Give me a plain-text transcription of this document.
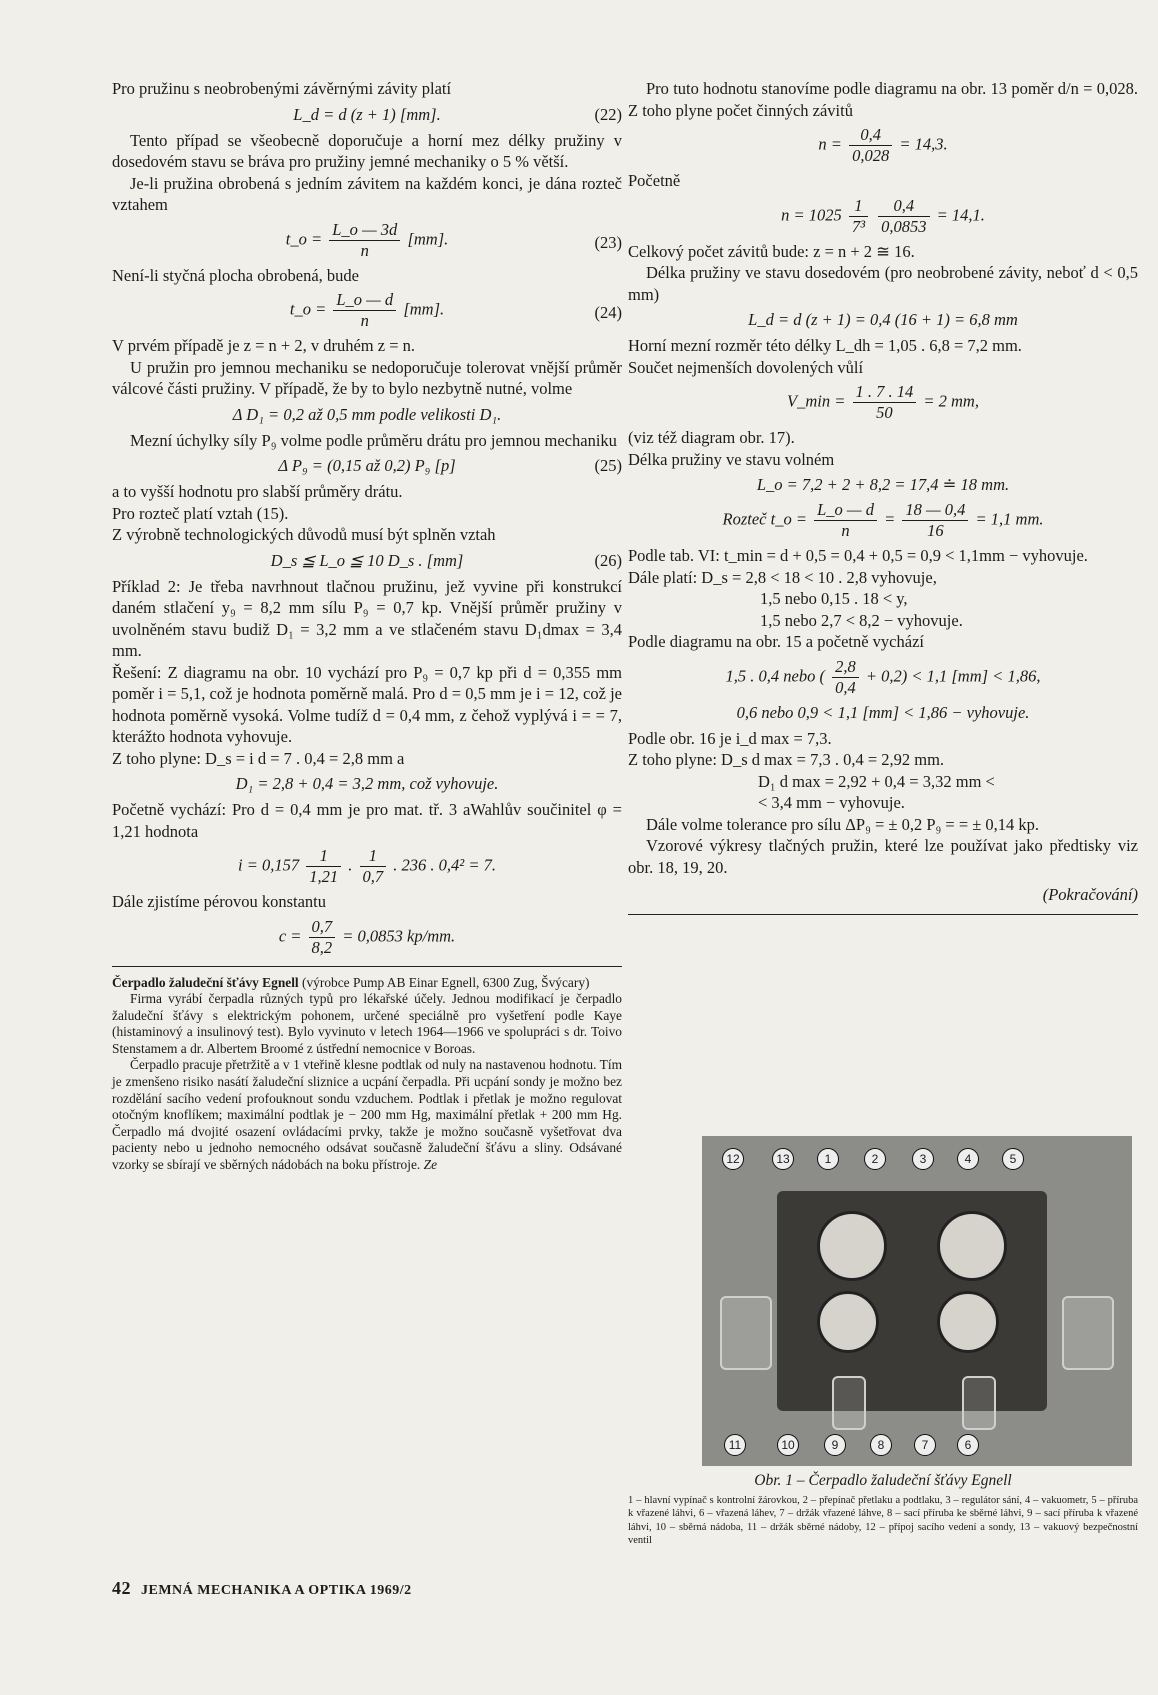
Pro pružinu s neobrobenými závěrnými závity platí

L_d = d (z + 1) [mm].	(22)

Tento případ se všeobecně doporučuje a horní mez délky pružiny v dosedovém stavu se bráva pro pružiny jemné mechaniky o 5 % větší.

Je-li pružina obrobená s jedním závitem na každém konci, je dána rozteč vztahem

t_o = $\frac{L\_o — 3d}{n} [mm]$.	(23)

Není-li styčná plocha obrobená, bude

t_o = $\frac{L\_o — d}{n} [mm]$.	(24)

V prvém případě je z = n + 2, v druhém z = n.

U pružin pro jemnou mechaniku se nedoporučuje tolerovat vnější průměr válcové části pružiny. V případě, že by to bylo nezbytně nutné, volme

Δ D₁ = 0,2 až 0,5 mm podle velikosti D₁.

Mezní úchylky síly P₉ volme podle průměru drátu pro jemnou mechaniku

Δ P₉ = (0,15 až 0,2) P₉ [p]	(25)

a to vyšší hodnotu pro slabší průměry drátu.

Pro rozteč platí vztah (15).

Z výrobně technologických důvodů musí být splněn vztah

D_s ≦ L_o ≦ 10 D_s . [mm]	(26)

Příklad 2: Je třeba navrhnout tlačnou pružinu, jež vyvine při konstrukcí daném stlačení y₉ = 8,2 mm sílu P₉ = 0,7 kp. Vnější průměr pružiny v uvolněném stavu budiž D₁ = 3,2 mm a ve stlačeném stavu D₁dmax = 3,4 mm.

Řešení: Z diagramu na obr. 10 vychází pro P₉ = 0,7 kp při d = 0,355 mm poměr i = 5,1, což je hodnota poměrně malá. Pro d = 0,5 mm je i = 12, což je hodnota poměrně vysoká. Volme tudíž d = 0,4 mm, z čehož vyplývá i = = 7, kterážto hodnota vyhovuje.

Z toho plyne: D_s = i d = 7 . 0,4 = 2,8 mm a

D₁ = 2,8 + 0,4 = 3,2 mm, což vyhovuje.

Početně vychází: Pro d = 0,4 mm je pro mat. tř. 3 aWahlův součinitel φ = 1,21 hodnota

$i = 0,157 \frac{1}{1,21}$ . $\frac{1}{0,7}$ . 236 . 0,4² = 7.

Dále zjistíme pérovou konstantu

$c = \frac{0,7}{8,2} = 0,0853$ kp/mm.

Čerpadlo žaludeční šťávy Egnell (výrobce Pump AB Einar Egnell, 6300 Zug, Švýcary)

Firma vyrábí čerpadla různých typů pro lékařské účely. Jednou modifikací je čerpadlo žaludeční šťávy s elektrickým pohonem, určené speciálně pro vyšetření podle Kaye (histaminový a insulinový test). Bylo vyvinuto v letech 1964—1966 ve spolupráci s dr. Toivo Stenstamem a dr. Albertem Broomé z ústřední nemocnice v Boroas.

Čerpadlo pracuje přetržitě a v 1 vteřině klesne podtlak od nuly na nastavenou hodnotu. Tím je zmenšeno risiko nasátí žaludeční sliznice a ucpání čerpadla. Při ucpání sondy je možno bez rozdělání sacího vedení profouknout sondu vzduchem. Podtlak i přetlak je možno regulovat otočným knoflíkem; maximální podtlak je − 200 mm Hg, maximální přetlak + 200 mm Hg. Čerpadlo má dvojité osazení ovládacími prvky, takže je možno současně vyšetřovat dva pacienty nebo u jednoho nemocného odsávat současně žaludeční šťávu a sliny. Odsávané vzorky se sbírají ve sběrných nádobách na boku přístroje. Ze

Pro tuto hodnotu stanovíme podle diagramu na obr. 13 poměr d/n = 0,028. Z toho plyne počet činných závitů

$n = \frac{0,4}{0,028} = 14,3$.

Početně

$n = 1025 \frac{1}{\text{7³}}$
$\frac{0,4}{0,0853} = 14,1$.

Celkový počet závitů bude: z = n + 2 ≅ 16.

Délka pružiny ve stavu dosedovém (pro neobrobené závity, neboť d < 0,5 mm)

L_d = d (z + 1) = 0,4 (16 + 1) = 6,8 mm

Horní mezní rozměr této délky L_dh = 1,05 . 6,8 = 7,2 mm.

Součet nejmenších dovolených vůlí

V_min = $\frac{1 . 7 . 14}{50} = 2$ mm,

(viz též diagram obr. 17).

Délka pružiny ve stavu volném

L_o = 7,2 + 2 + 8,2 = 17,4 ≐ 18 mm.
Rozteč t_o = $\frac{L\_o — d}{n} = \frac{18 — 0,4}{16} = 1,1$ mm.

Podle tab. VI: t_min = d + 0,5 = 0,4 + 0,5 = 0,9 < 1,1mm − vyhovuje.

Dále platí: D_s = 2,8 < 18 < 10 . 2,8 vyhovuje,

1,5 nebo 0,15 . 18 < y,

1,5 nebo 2,7 < 8,2 − vyhovuje.

Podle diagramu na obr. 15 a početně vychází

1,5 . 0,4 nebo ( $\frac{2,8}{0,4} + 0,2) < 1,1$ [mm] < 1,86,
0,6 nebo 0,9 < 1,1 [mm] < 1,86 − vyhovuje.

Podle obr. 16 je i_d max = 7,3.

Z toho plyne: D_s d max = 7,3 . 0,4 = 2,92 mm.

D₁ d max = 2,92 + 0,4 = 3,32 mm <

< 3,4 mm − vyhovuje.

Dále volme tolerance pro sílu ΔP₉ = ± 0,2 P₉ = = ± 0,14 kp.

Vzorové výkresy tlačných pružin, které lze používat jako předtisky viz obr. 18, 19, 20.

(Pokračování)

12	13	1	2	3	4	5
11	10	9	8	7	6

Obr. 1 – Čerpadlo žaludeční šťávy Egnell

1 – hlavní vypínač s kontrolní žárovkou, 2 – přepínač přetlaku a podtlaku, 3 – regulátor sání, 4 – vakuometr, 5 – příruba k vřazené láhvi, 6 – vřazená láhev, 7 – držák vřazené láhve, 8 – sací příruba ke sběrné láhvi, 9 – sací příruba k vřazené láhvi, 10 – sběrná nádoba, 11 – držák sběrné nádoby, 12 – přípoj sacího vedení a sondy, 13 – vakuový bezpečnostní ventil

42 JEMNÁ MECHANIKA A OPTIKA 1969/2
